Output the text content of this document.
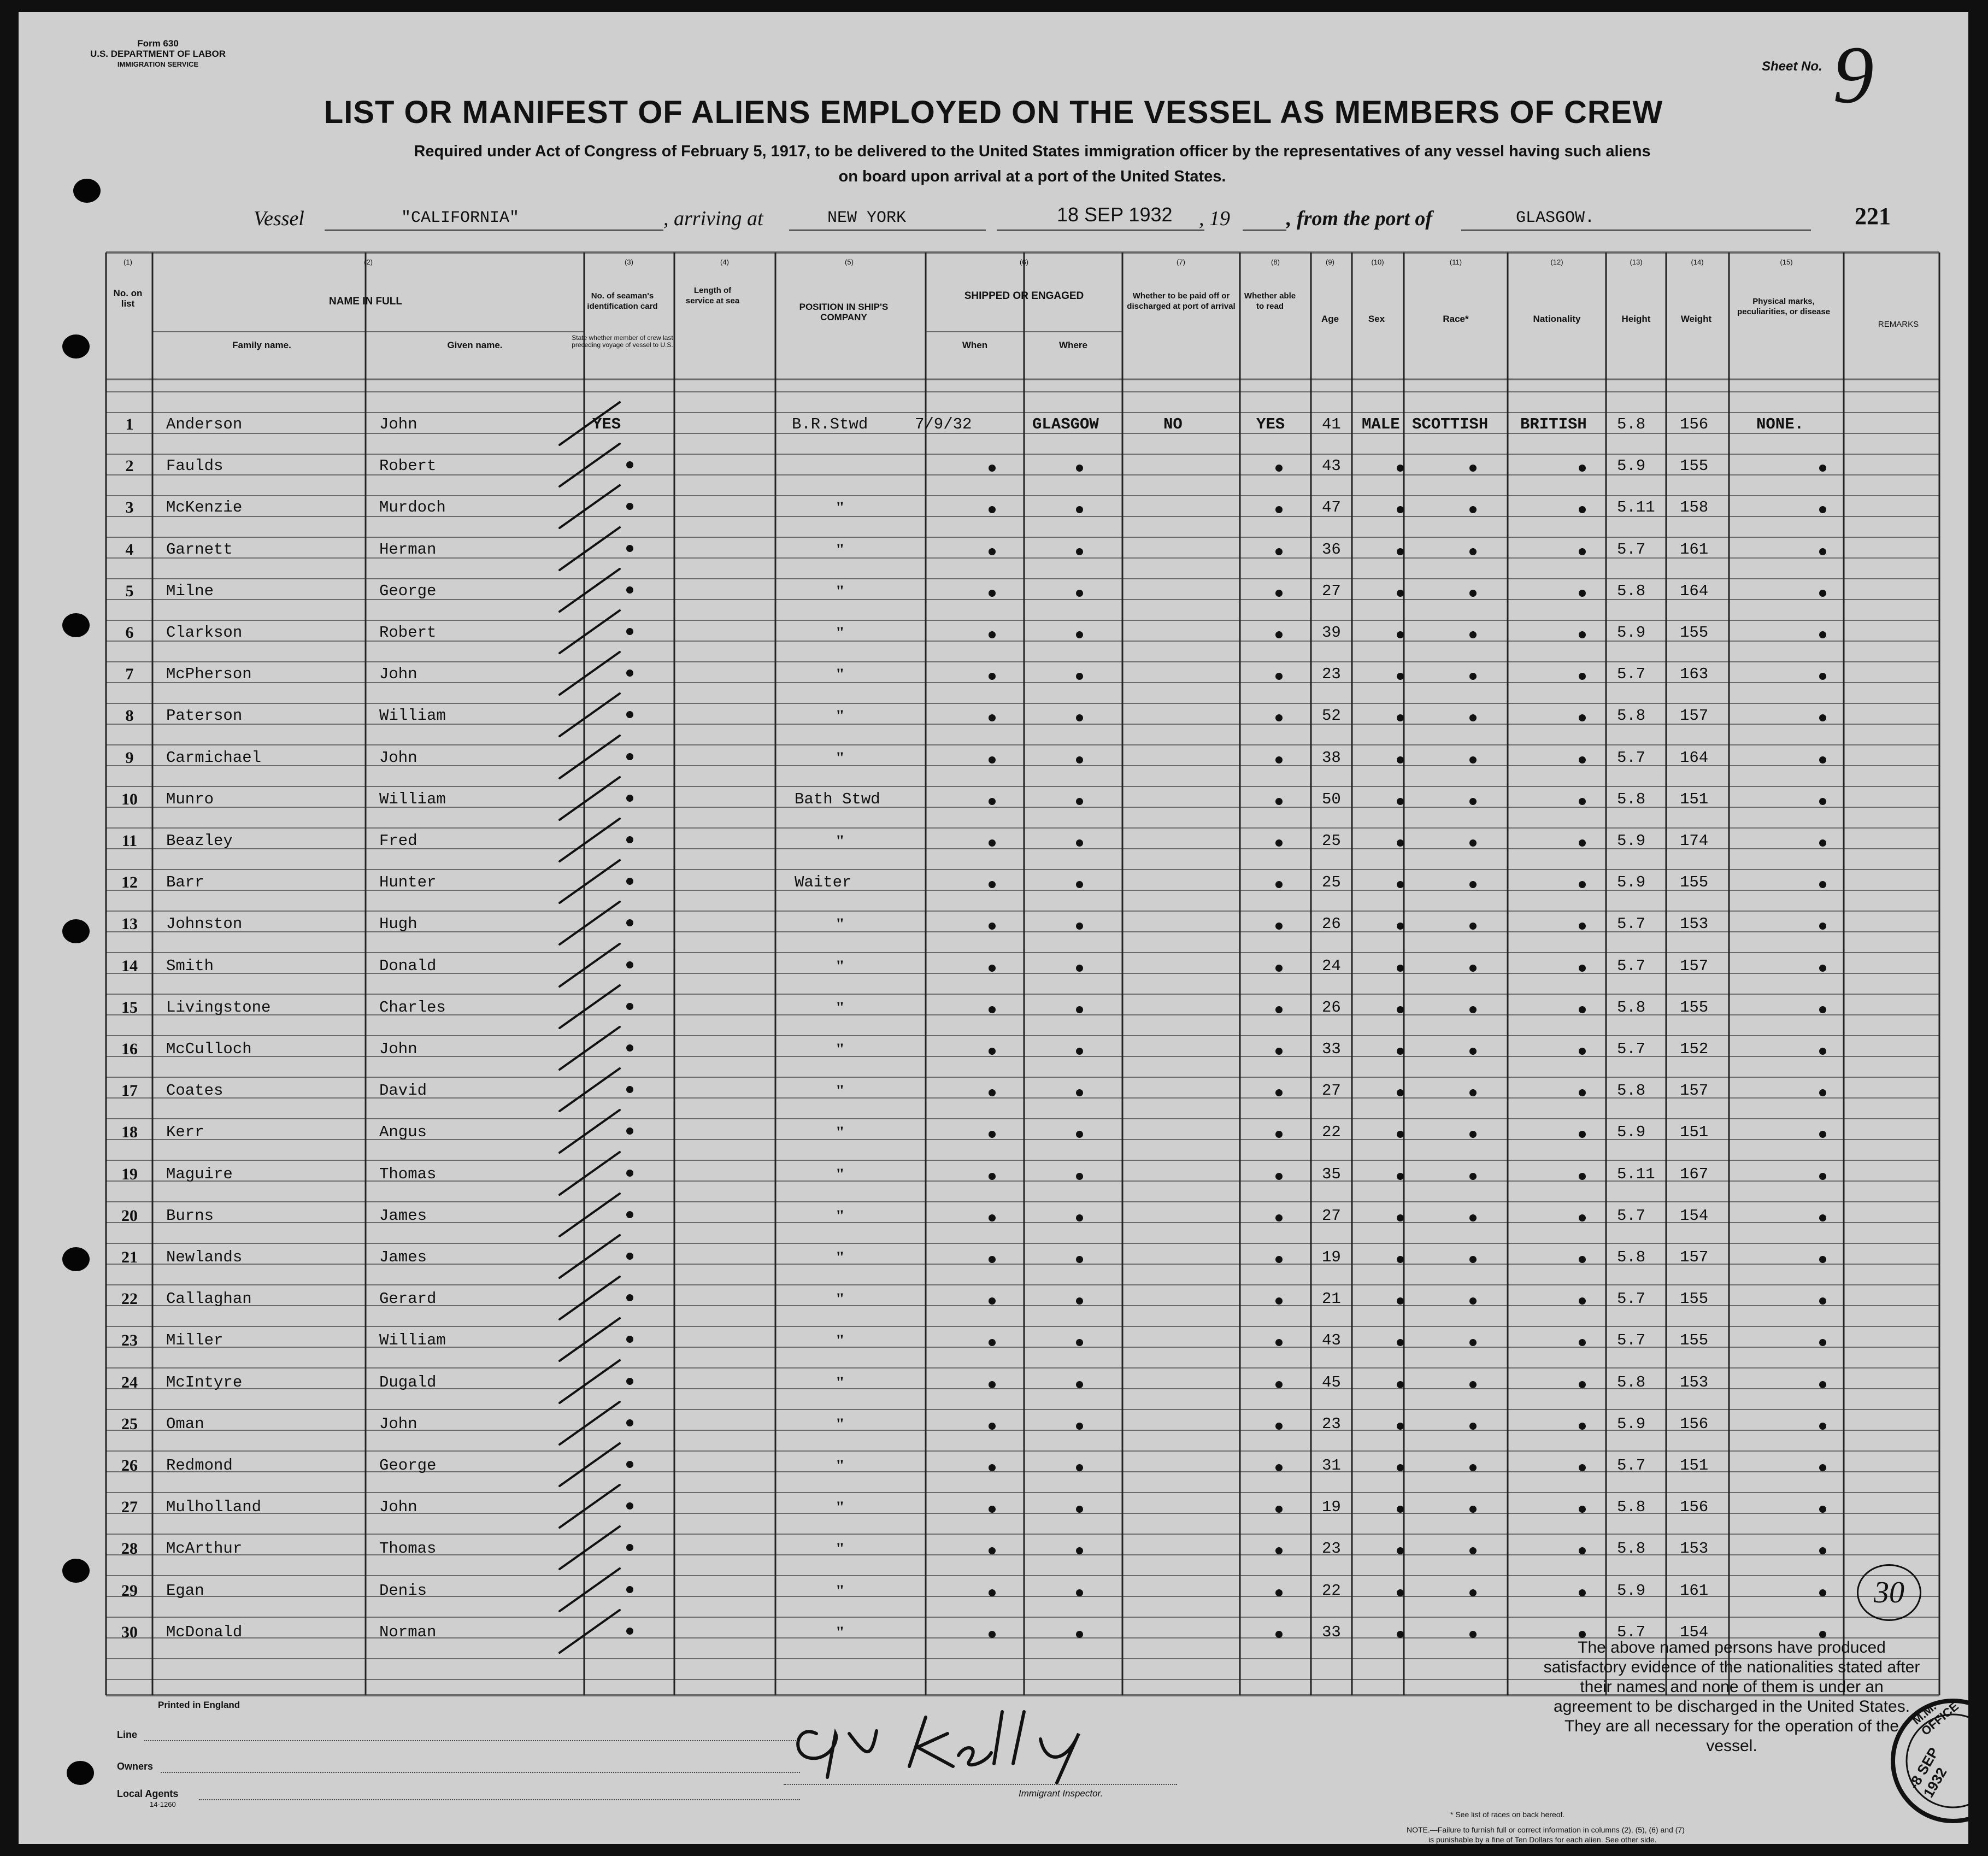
Form 630
U.S. DEPARTMENT OF LABOR
IMMIGRATION SERVICE	Sheet No. 9
LIST OR MANIFEST OF ALIENS EMPLOYED ON THE VESSEL AS MEMBERS OF CREW
Required under Act of Congress of February 5, 1917, to be delivered to the United States immigration officer by the representatives of any vessel having such aliens
on board upon arrival at a port of the United States.
Vessel	"CALIFORNIA"	, arriving at	NEW YORK	18 SEP 1932 , 19	, from the port of	GLASGOW.	221
(1)	(2)	(3)	(4)	(5)	(6)	(7)	(8)	(9)	(10)	(11)	(12)	(13)	(14)	(15)
No. on list	NAME IN FULL
Family name.	Given name.
No. of seaman's identification card
State whether member of crew last preceding voyage of vessel to U.S.
Length of service at sea
POSITION IN SHIP'S COMPANY
SHIPPED OR ENGAGED
When	Where
Whether to be paid off or discharged at port of arrival
Whether able to read
Age	Sex	Race*	Nationality	Height	Weight
Physical marks, peculiarities, or disease
REMARKS
1	Anderson	John	41	5.8 156
2	Faulds	Robert	43	5.9 155
3	McKenzie	Murdoch	"	47	5.11 158
4	Garnett	Herman	"	36	5.7 161
5	Milne	George	"	27	5.8 164
6	Clarkson	Robert	"	39	5.9 155
7	McPherson	John	"	23	5.7 163
8	Paterson	William	"	52	5.8 157
9	Carmichael	John	"	38	5.7 164
10	Munro	William	Bath Stwd	50	5.8 151
11	Beazley	Fred	"	25	5.9 174
12	Barr	Hunter	Waiter	25	5.9 155
13	Johnston	Hugh	"	26	5.7 153
14	Smith	Donald	"	24	5.7 157
15	Livingstone	Charles	"	26	5.8 155
16	McCulloch	John	"	33	5.7 152
17	Coates	David	"	27	5.8 157
18	Kerr	Angus	"	22	5.9 151
19	Maguire	Thomas	"	35	5.11 167
20	Burns	James	"	27	5.7 154
21	Newlands	James	"	19	5.8 157
22	Callaghan	Gerard	"	21	5.7 155
23	Miller	William	"	43	5.7 155
24	McIntyre	Dugald	"	45	5.8 153
25	Oman	John	"	23	5.9 156
26	Redmond	George	"	31	5.7 151
27	Mulholland	John	"	19	5.8 156
28	McArthur	Thomas	"	23	5.8 153
29	Egan	Denis	"	22	5.9 161
30	McDonald	Norman	"	33	5.7 154
YES	B.R.Stwd	7/9/32	GLASGOW	NO	YES	MALE SCOTTISH BRITISH	NONE.
30
The above named persons have produced satisfactory evidence of the nationalities stated after their names and none of them is under an agreement to be discharged in the United States. They are all necessary for the operation of the vessel.
Printed in England
Line
Owners
Local Agents
14-1260
Immigrant Inspector.
-8 SEP 1932
M.M. OFFICE
* See list of races on back hereof.
NOTE.—Failure to furnish full or correct information in columns (2), (5), (6) and (7)
is punishable by a fine of Ten Dollars for each alien. See other side.
